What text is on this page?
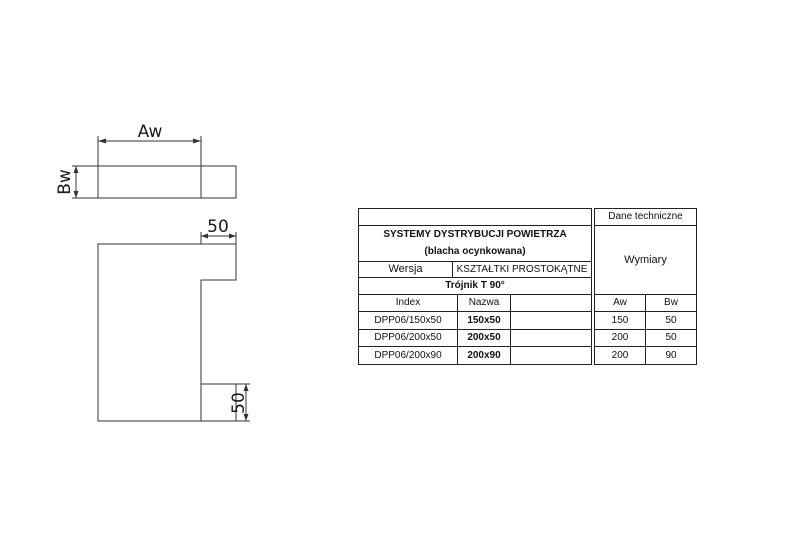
Aw
Bw
50
50
SYSTEMY DYSTRYBUCJI POWIETRZA
(blacha ocynkowana)
Wersja	KSZTAŁTKI PROSTOKĄTNE
Trójnik T 90°
Dane techniczne
Wymiary
Index	Nazwa	Aw	Bw
DPP06/150x50	150x50	150	50
DPP06/200x50	200x50	200	50
DPP06/200x90	200x90	200	90
